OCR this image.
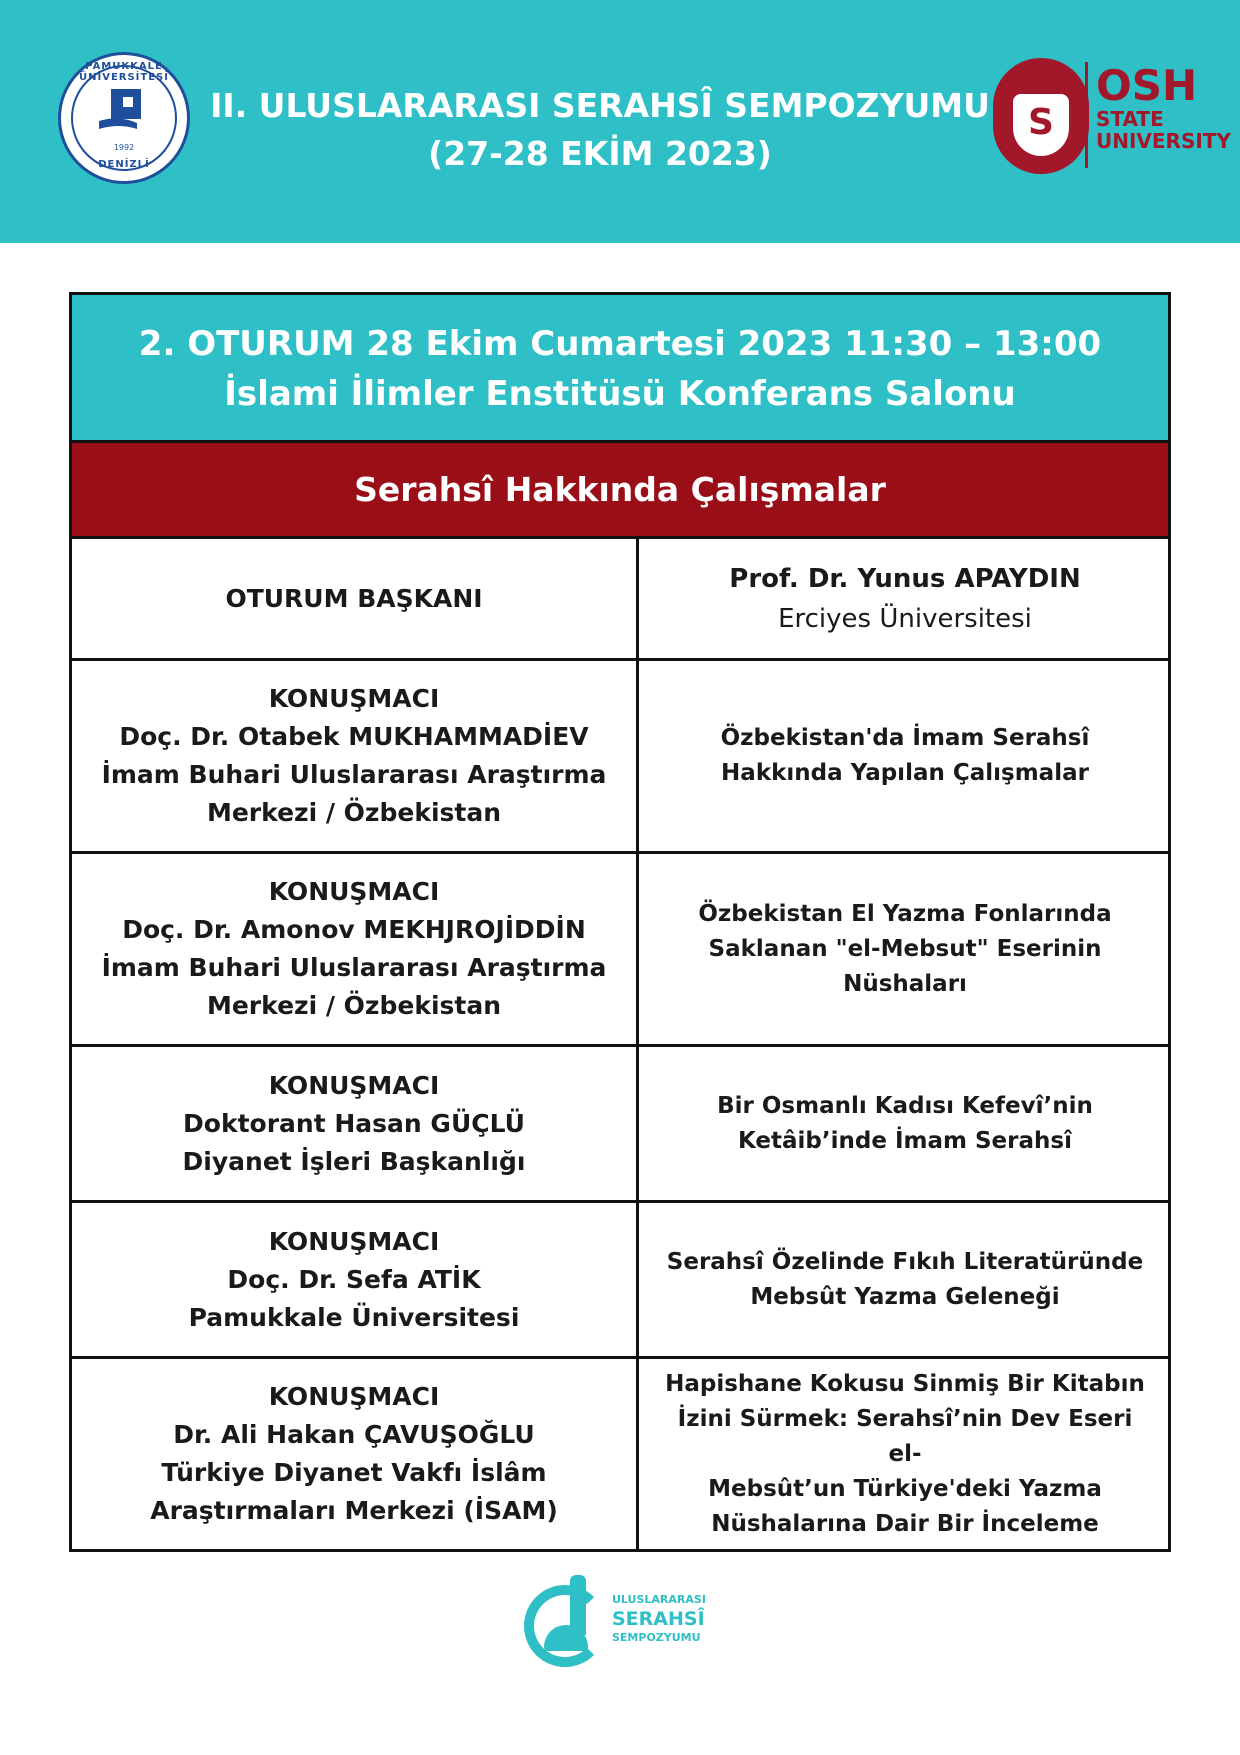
PAMUKKALE ÜNİVERSİTESİ
1992
DENİZLİ
II. ULUSLARARASI SERAHSÎ SEMPOZYUMU
(27-28 EKİM 2023)
S
OSH
STATE
UNIVERSITY
2. OTURUM 28 Ekim Cumartesi 2023 11:30 – 13:00
İslami İlimler Enstitüsü Konferans Salonu
Serahsî Hakkında Çalışmalar
OTURUM BAŞKANI
Prof. Dr. Yunus APAYDIN
Erciyes Üniversitesi
KONUŞMACI
Doç. Dr. Otabek MUKHAMMADİEV
İmam Buhari Uluslararası Araştırma
Merkezi / Özbekistan
Özbekistan'da İmam Serahsî
Hakkında Yapılan Çalışmalar
KONUŞMACI
Doç. Dr. Amonov MEKHJROJİDDİN
İmam Buhari Uluslararası Araştırma
Merkezi / Özbekistan
Özbekistan El Yazma Fonlarında
Saklanan "el-Mebsut" Eserinin
Nüshaları
KONUŞMACI
Doktorant Hasan GÜÇLÜ
Diyanet İşleri Başkanlığı
Bir Osmanlı Kadısı Kefevî’nin
Ketâib’inde İmam Serahsî
KONUŞMACI
Doç. Dr. Sefa ATİK
Pamukkale Üniversitesi
Serahsî Özelinde Fıkıh Literatüründe
Mebsût Yazma Geleneği
KONUŞMACI
Dr. Ali Hakan ÇAVUŞOĞLU
Türkiye Diyanet Vakfı İslâm
Araştırmaları Merkezi (İSAM)
Hapishane Kokusu Sinmiş Bir Kitabın
İzini Sürmek: Serahsî’nin Dev Eseri el-
Mebsût’un Türkiye'deki Yazma
Nüshalarına Dair Bir İnceleme
ULUSLARARASI
SERAHSÎ
SEMPOZYUMU
